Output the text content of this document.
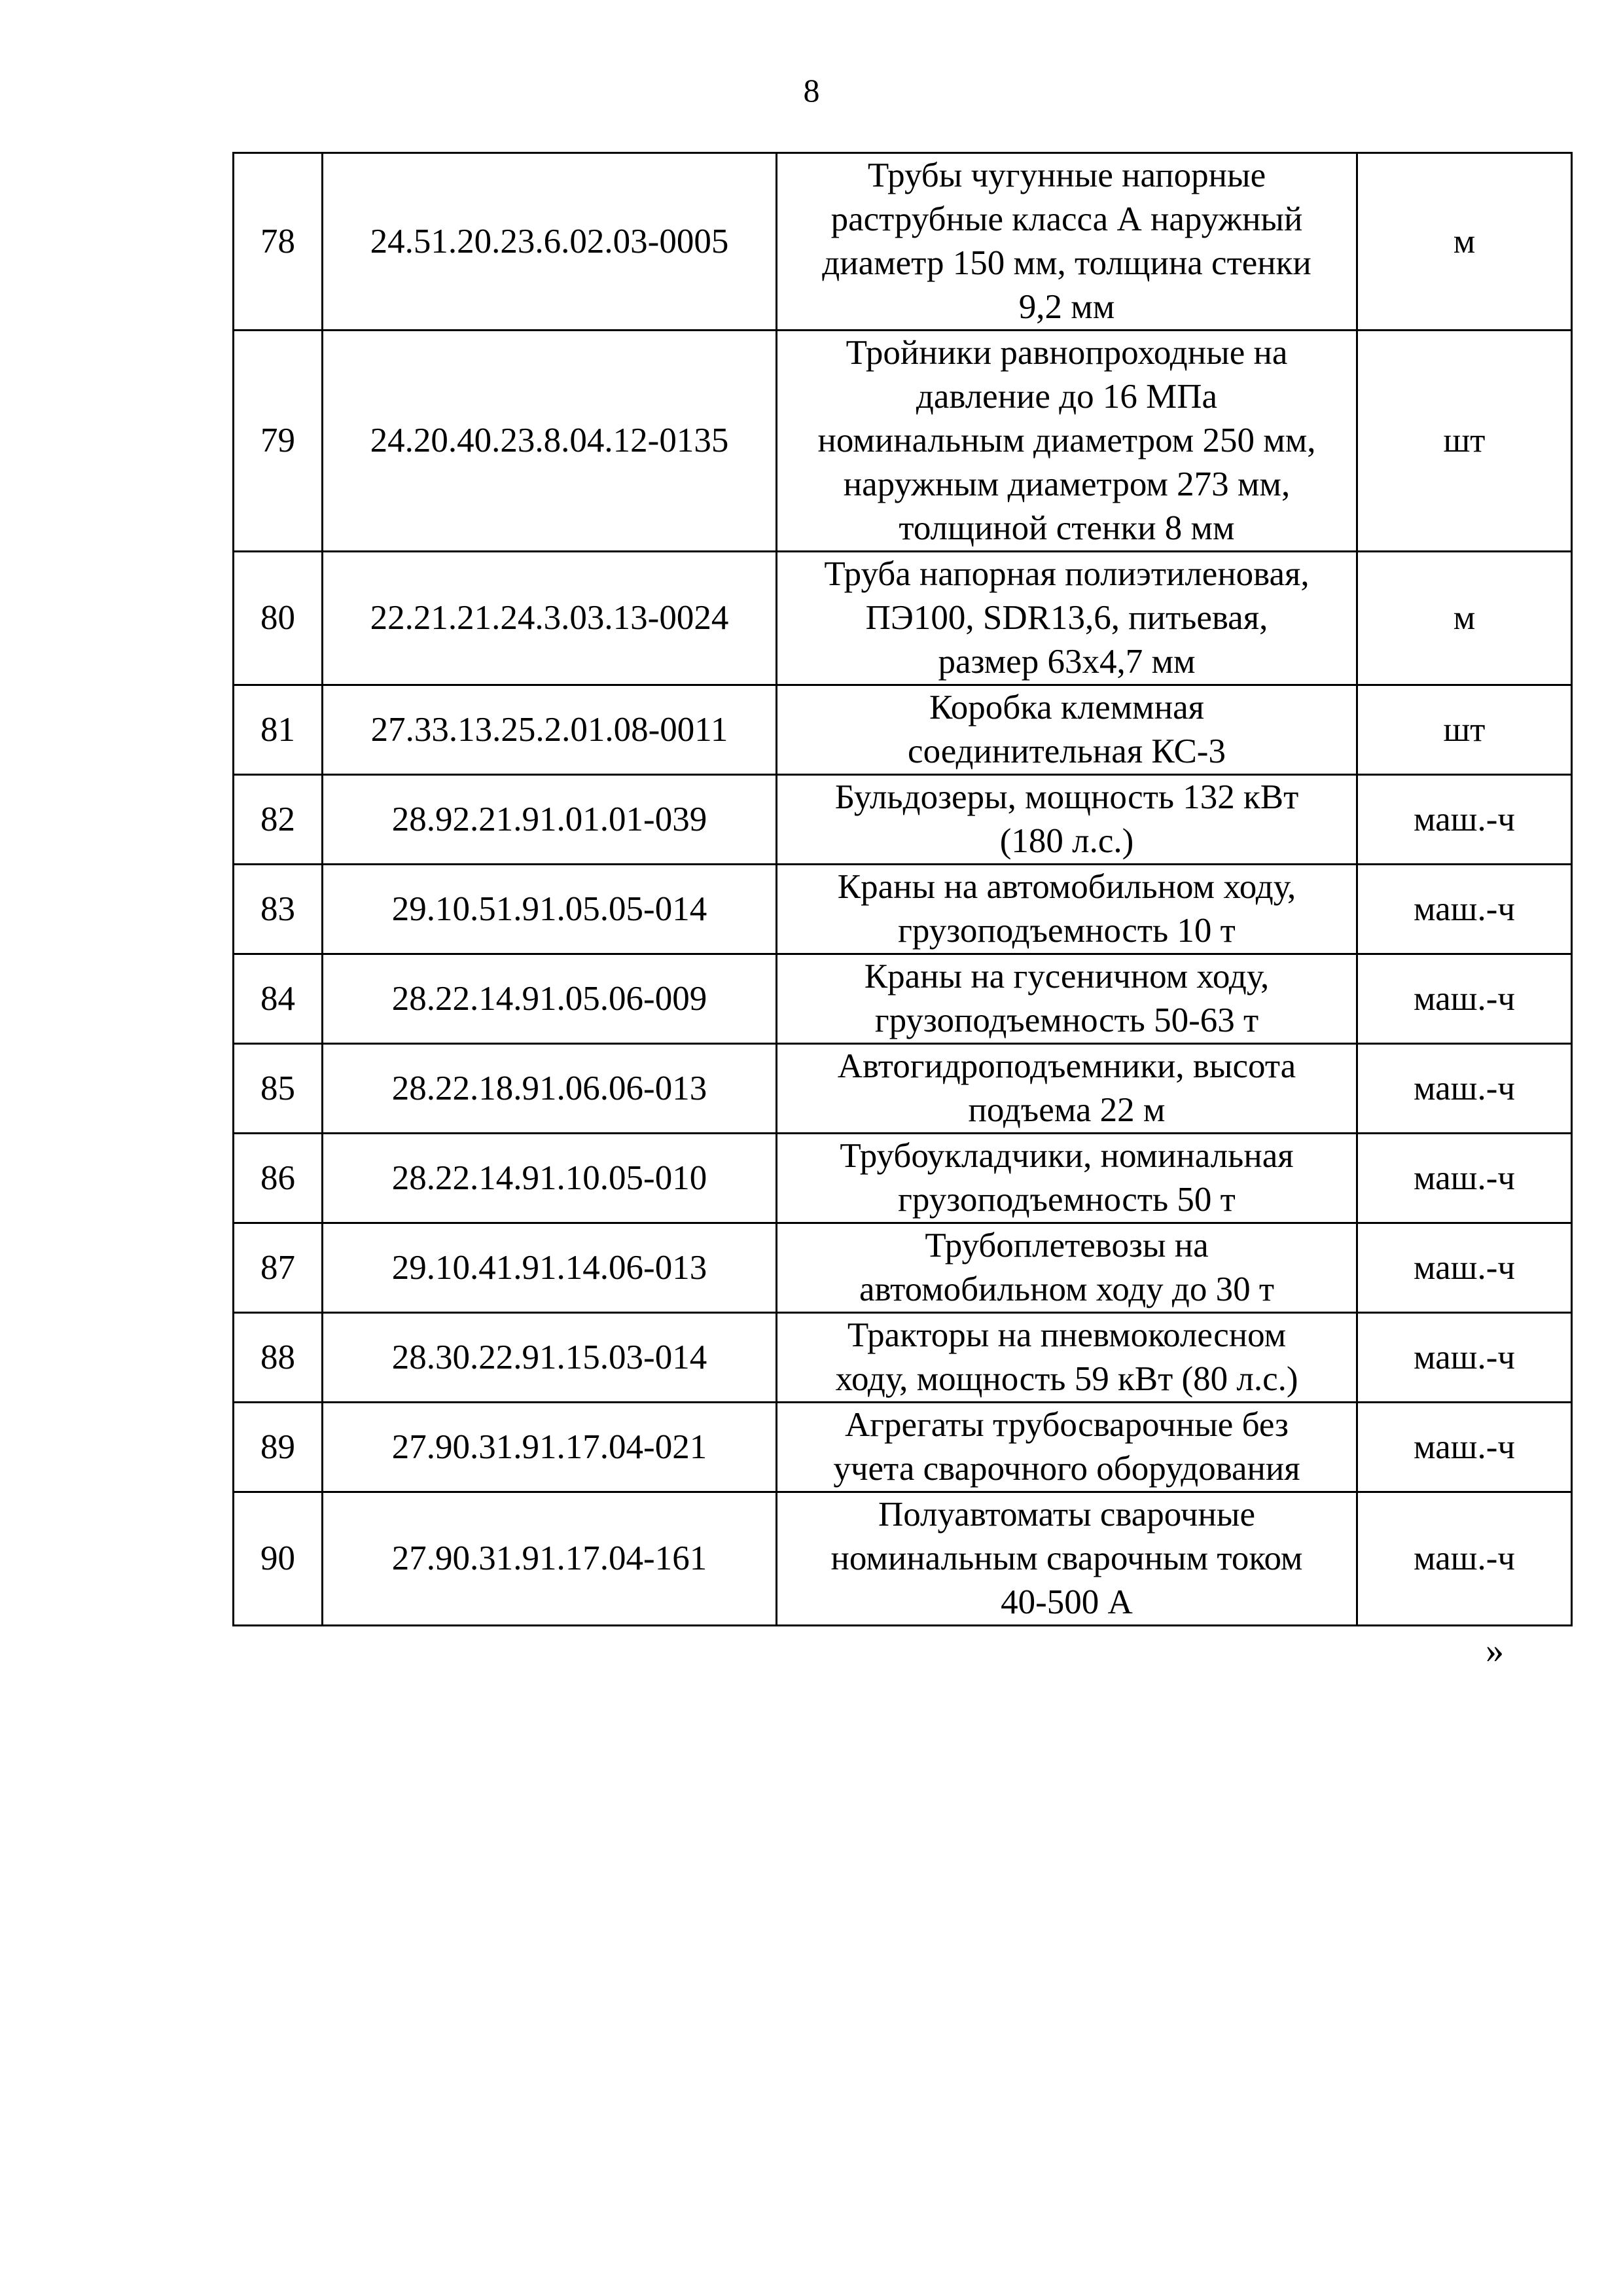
8
78	24.51.20.23.6.02.03-0005	Трубы чугунные напорные
раструбные класса А наружный
диаметр 150 мм, толщина стенки
9,2 мм	м
79	24.20.40.23.8.04.12-0135	Тройники равнопроходные на
давление до 16 МПа
номинальным диаметром 250 мм,
наружным диаметром 273 мм,
толщиной стенки 8 мм	шт
80	22.21.21.24.3.03.13-0024	Труба напорная полиэтиленовая,
ПЭ100, SDR13,6, питьевая,
размер 63х4,7 мм	м
81	27.33.13.25.2.01.08-0011	Коробка клеммная
соединительная КС-3	шт
82	28.92.21.91.01.01-039	Бульдозеры, мощность 132 кВт
(180 л.с.)	маш.-ч
83	29.10.51.91.05.05-014	Краны на автомобильном ходу,
грузоподъемность 10 т	маш.-ч
84	28.22.14.91.05.06-009	Краны на гусеничном ходу,
грузоподъемность 50-63 т	маш.-ч
85	28.22.18.91.06.06-013	Автогидроподъемники, высота
подъема 22 м	маш.-ч
86	28.22.14.91.10.05-010	Трубоукладчики, номинальная
грузоподъемность 50 т	маш.-ч
87	29.10.41.91.14.06-013	Трубоплетевозы на
автомобильном ходу до 30 т	маш.-ч
88	28.30.22.91.15.03-014	Тракторы на пневмоколесном
ходу, мощность 59 кВт (80 л.с.)	маш.-ч
89	27.90.31.91.17.04-021	Агрегаты трубосварочные без
учета сварочного оборудования	маш.-ч
90	27.90.31.91.17.04-161	Полуавтоматы сварочные
номинальным сварочным током
40-500 А	маш.-ч
»
